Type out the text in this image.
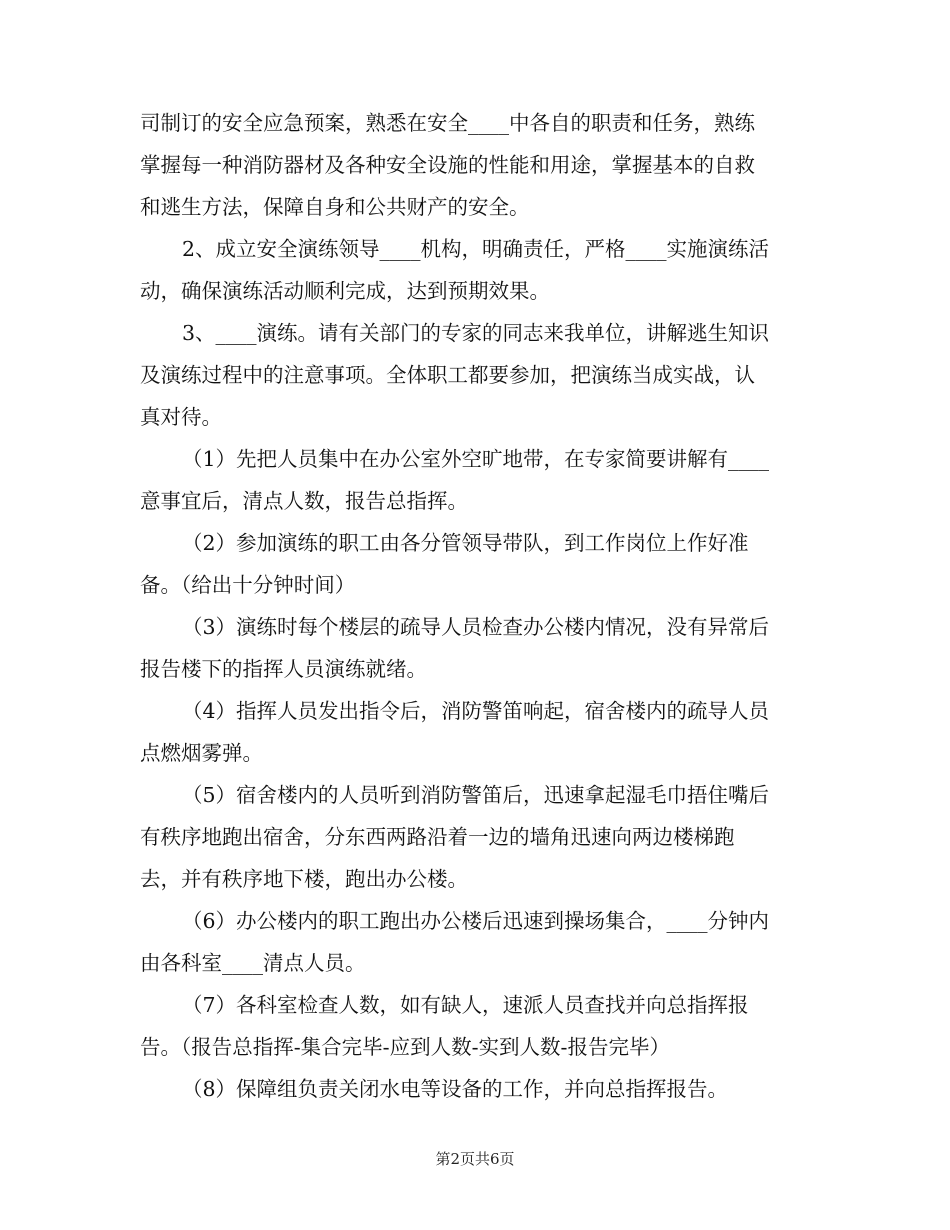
司制订的安全应急预案，熟悉在安全____中各自的职责和任务，熟练
掌握每一种消防器材及各种安全设施的性能和用途，掌握基本的自救
和逃生方法，保障自身和公共财产的安全。
2、成立安全演练领导____机构，明确责任，严格____实施演练活
动，确保演练活动顺利完成，达到预期效果。
3、____演练。请有关部门的专家的同志来我单位，讲解逃生知识
及演练过程中的注意事项。全体职工都要参加，把演练当成实战，认
真对待。
（1）先把人员集中在办公室外空旷地带，在专家简要讲解有____
意事宜后，清点人数，报告总指挥。
（2）参加演练的职工由各分管领导带队，到工作岗位上作好准
备。（给出十分钟时间）
（3）演练时每个楼层的疏导人员检查办公楼内情况，没有异常后
报告楼下的指挥人员演练就绪。
（4）指挥人员发出指令后，消防警笛响起，宿舍楼内的疏导人员
点燃烟雾弹。
（5）宿舍楼内的人员听到消防警笛后，迅速拿起湿毛巾捂住嘴后
有秩序地跑出宿舍，分东西两路沿着一边的墙角迅速向两边楼梯跑
去，并有秩序地下楼，跑出办公楼。
（6）办公楼内的职工跑出办公楼后迅速到操场集合，____分钟内
由各科室____清点人员。
（7）各科室检查人数，如有缺人，速派人员查找并向总指挥报
告。（报告总指挥-集合完毕-应到人数-实到人数-报告完毕）
（8）保障组负责关闭水电等设备的工作，并向总指挥报告。
第2页共6页
